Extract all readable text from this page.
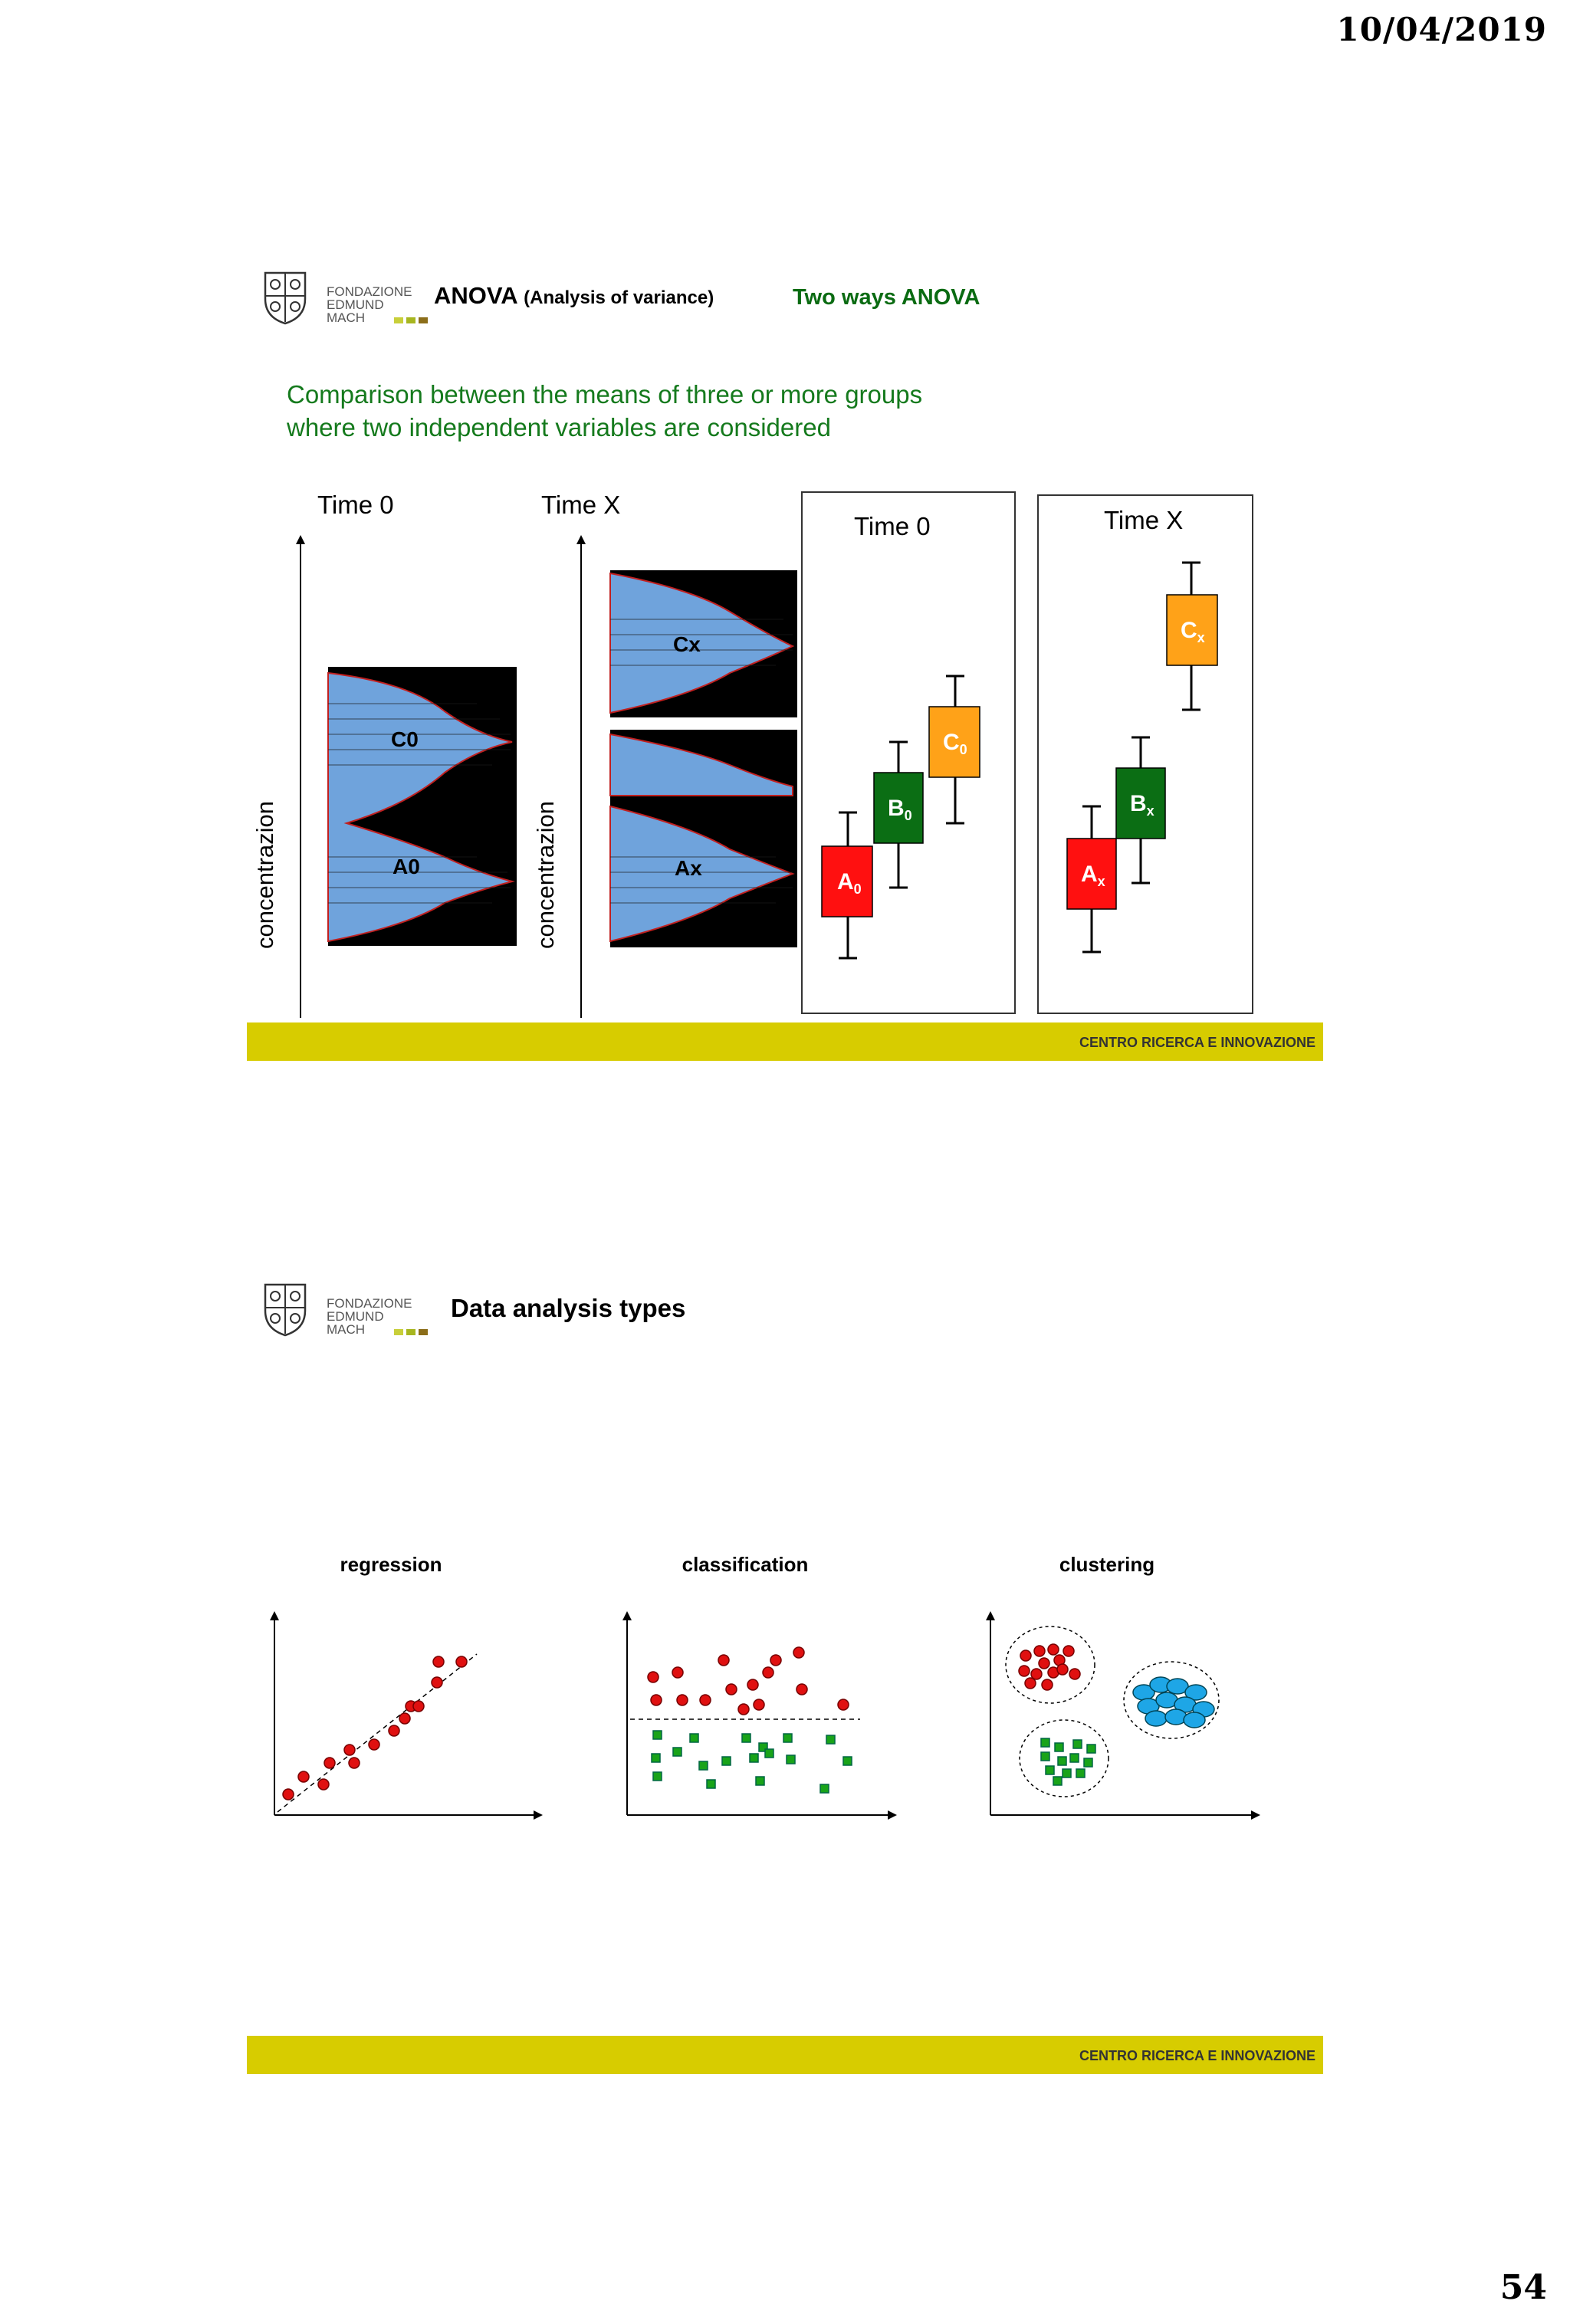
10/04/2019
FONDAZIONE
EDMUND
MACH
ANOVA (Analysis of variance)	Two ways ANOVA
Comparison between the means of three or more groups
where two independent variables are considered
Time 0
concentrazion
C0
A0
Time X
concentrazion
Cx
Ax
Time 0
$A_0$
$B_0$
$C_0$
Time X
$A_x$
$B_x$
$C_x$
CENTRO RICERCA E INNOVAZIONE
FONDAZIONE
EDMUND
MACH
Data analysis types
regression	classification	clustering
CENTRO RICERCA E INNOVAZIONE
54
